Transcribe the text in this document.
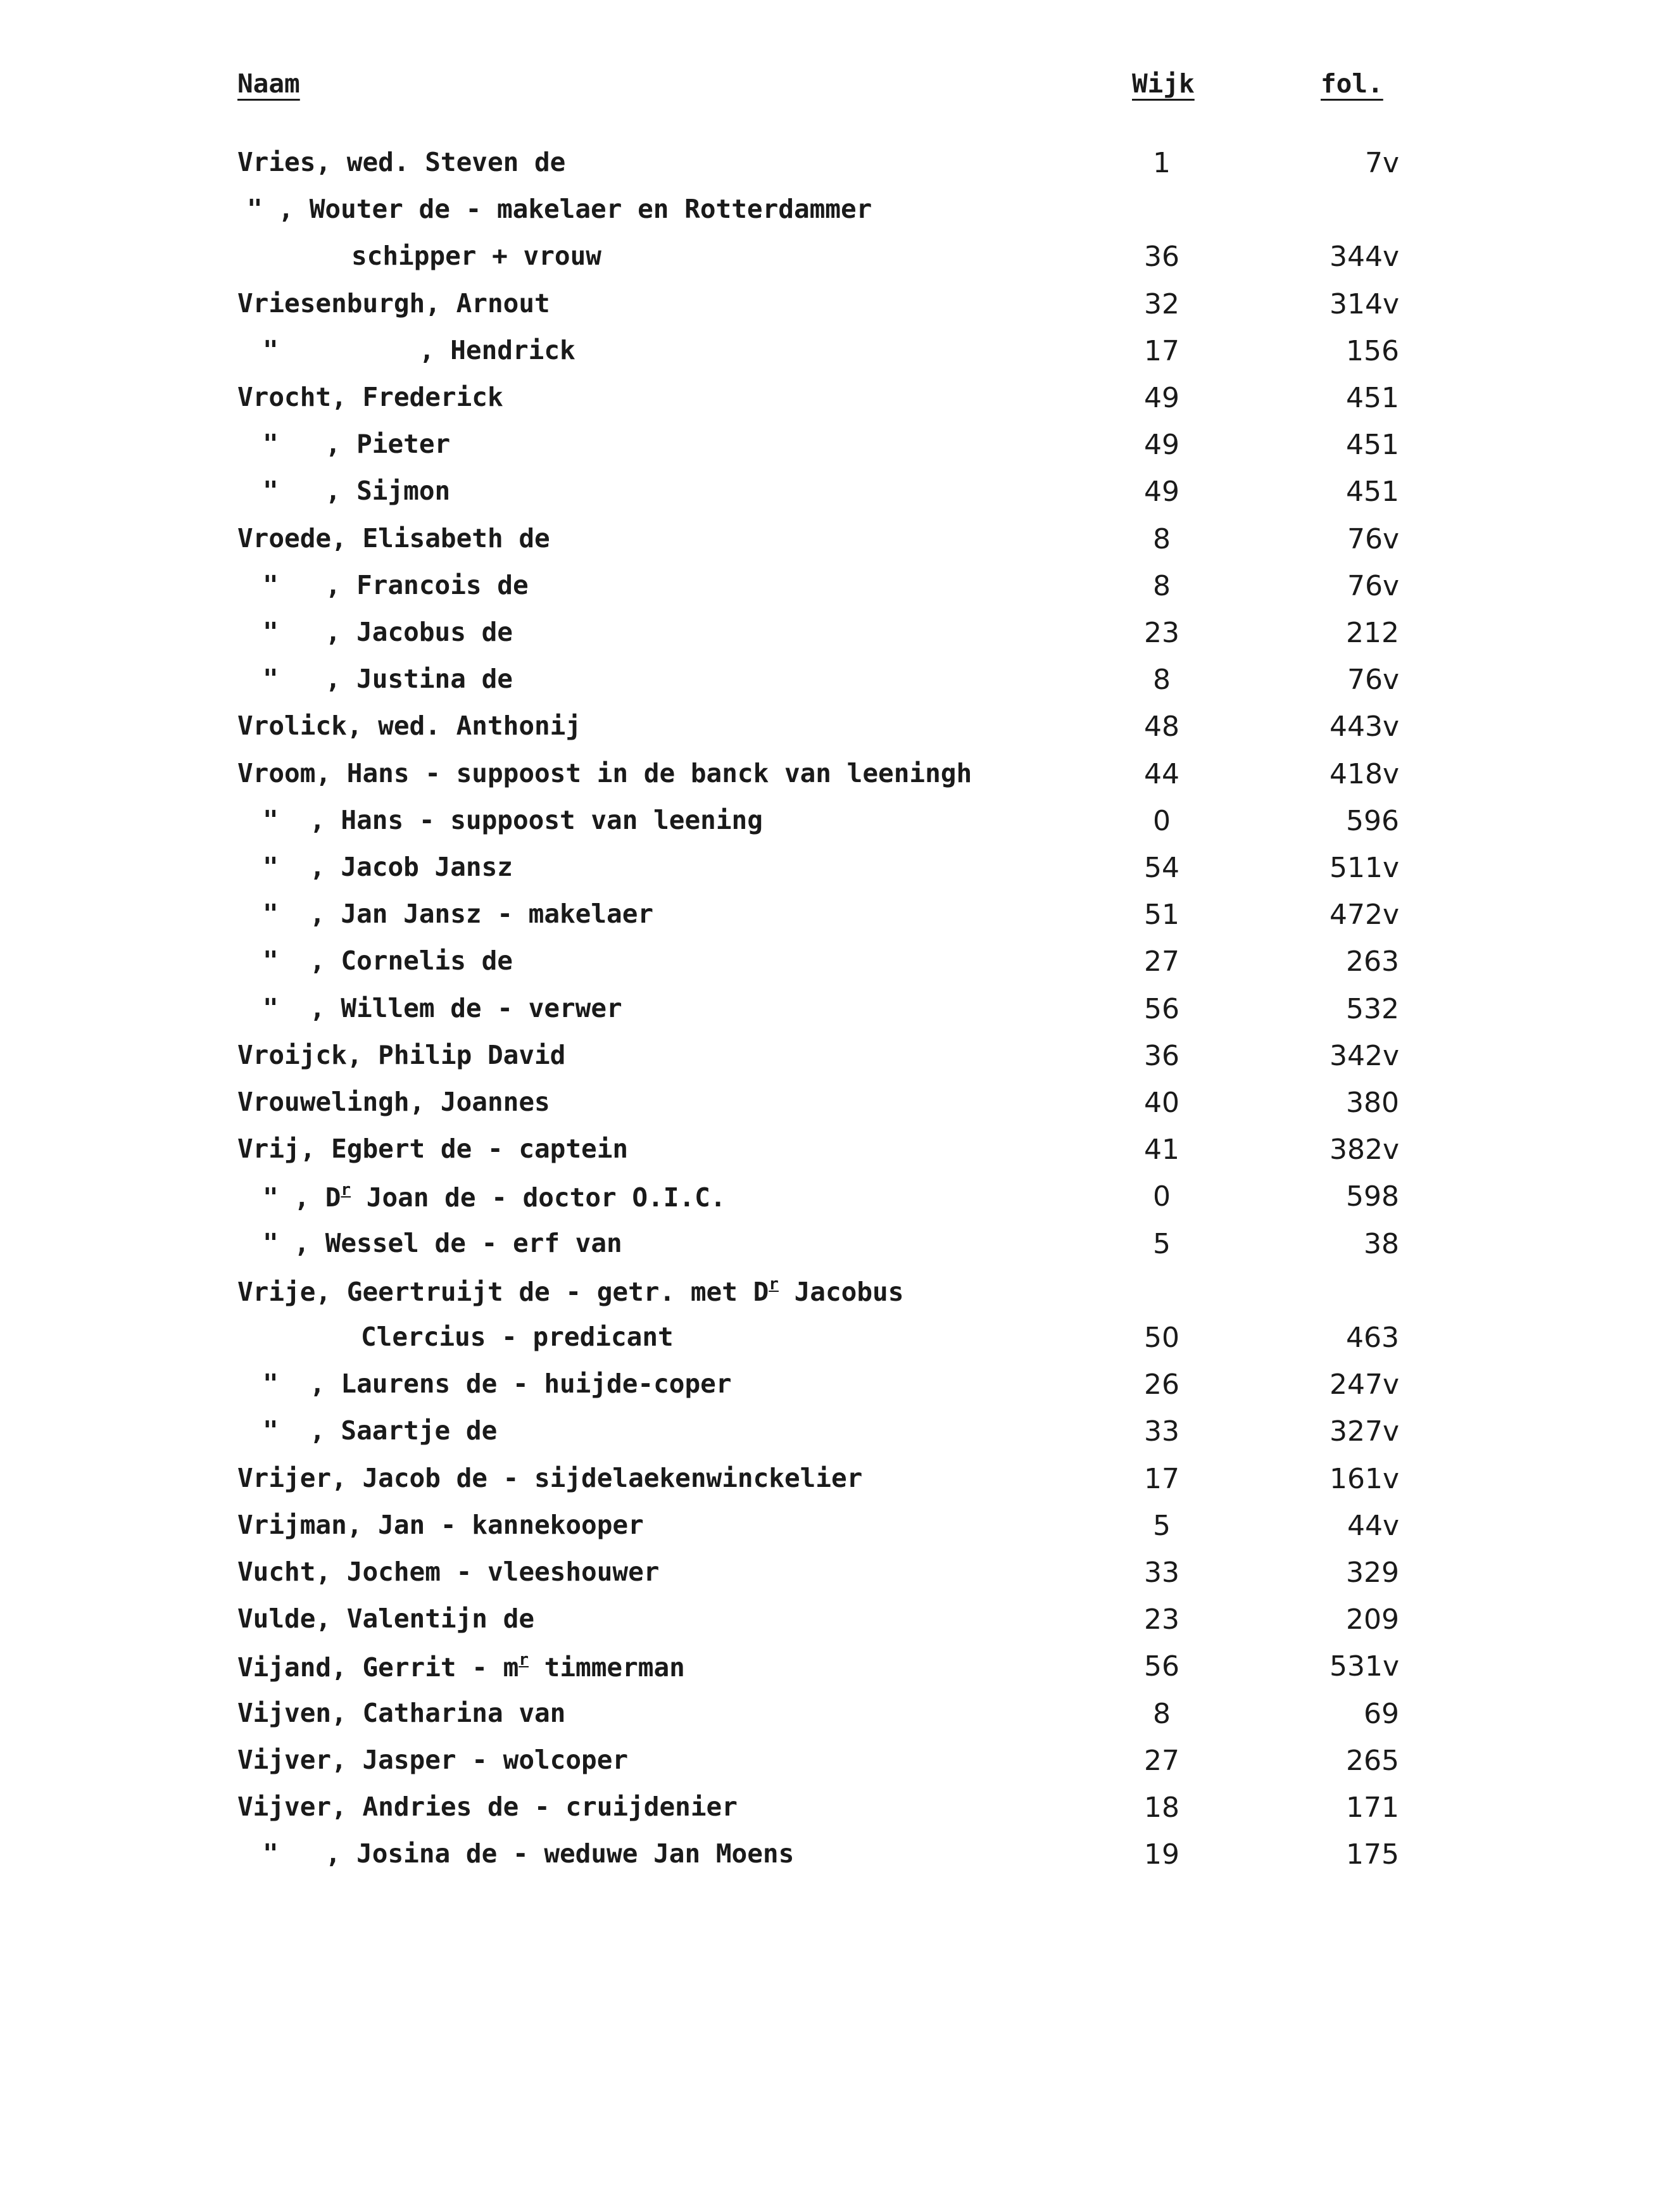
Naam	Wijk	fol.
Vries, wed. Steven de	1	7v
" , Wouter de - makelaer en Rotterdammer
schipper + vrouw	36	344v
Vriesenburgh, Arnout	32	314v
"         , Hendrick	17	156
Vrocht, Frederick	49	451
"   , Pieter	49	451
"   , Sijmon	49	451
Vroede, Elisabeth de	8	76v
"   , Francois de	8	76v
"   , Jacobus de	23	212
"   , Justina de	8	76v
Vrolick, wed. Anthonij	48	443v
Vroom, Hans - suppoost in de banck van leeningh	44	418v
"  , Hans - suppoost van leening	0	596
"  , Jacob Jansz	54	511v
"  , Jan Jansz - makelaer	51	472v
"  , Cornelis de	27	263
"  , Willem de - verwer	56	532
Vroijck, Philip David	36	342v
Vrouwelingh, Joannes	40	380
Vrij, Egbert de - captein	41	382v
" , $D^r$ Joan de - doctor O.I.C.	0	598
" , Wessel de - erf van	5	38
Vrije, Geertruijt de - getr. met $D^r$ Jacobus
Clercius - predicant	50	463
"  , Laurens de - huijde-coper	26	247v
"  , Saartje de	33	327v
Vrijer, Jacob de - sijdelaekenwinckelier	17	161v
Vrijman, Jan - kannekooper	5	44v
Vucht, Jochem - vleeshouwer	33	329
Vulde, Valentijn de	23	209
Vijand, Gerrit - $m^r$ timmerman	56	531v
Vijven, Catharina van	8	69
Vijver, Jasper - wolcoper	27	265
Vijver, Andries de - cruijdenier	18	171
"   , Josina de - weduwe Jan Moens	19	175
